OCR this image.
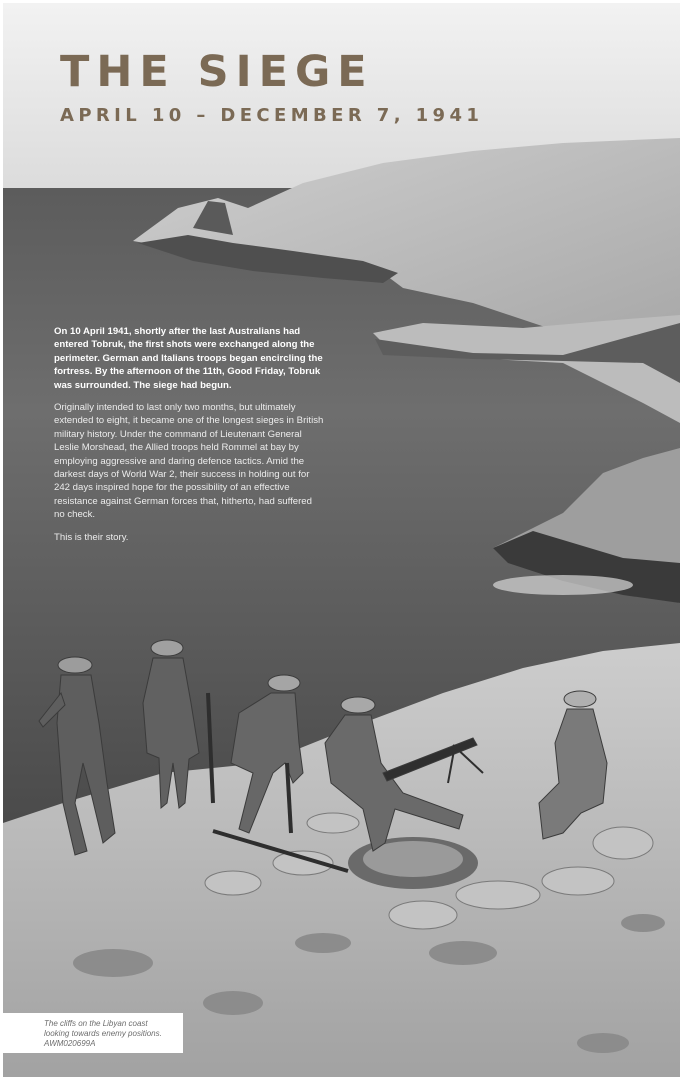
THE SIEGE
APRIL 10 – DECEMBER 7, 1941

On 10 April 1941, shortly after the last Australians had entered Tobruk, the first shots were exchanged along the perimeter. German and Italians troops began encircling the fortress. By the afternoon of the 11th, Good Friday, Tobruk was surrounded. The siege had begun.

Originally intended to last only two months, but ultimately extended to eight, it became one of the longest sieges in British military history. Under the command of Lieutenant General Leslie Morshead, the Allied troops held Rommel at bay by employing aggressive and daring defence tactics. Amid the darkest days of World War 2, their success in holding out for 242 days inspired hope for the possibility of an effective resistance against German forces that, hitherto, had suffered no check.

This is their story.

The cliffs on the Libyan coast looking towards enemy positions. AWM020699A
